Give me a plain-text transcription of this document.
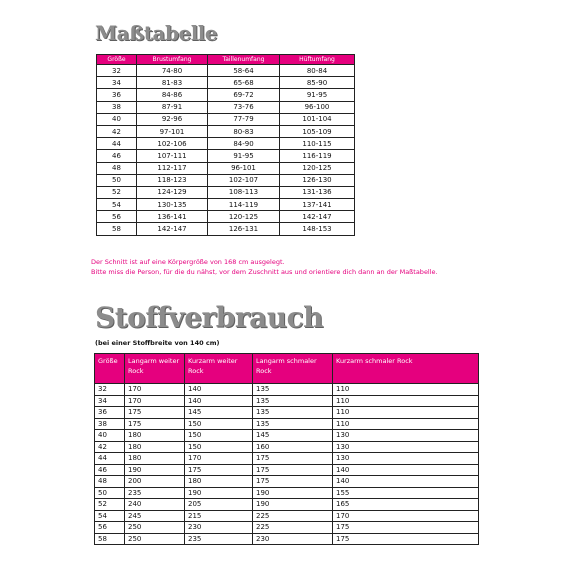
Maßtabelle
Größe	Brustumfang	Taillenumfang	Hüftumfang
32	74-80	58-64	80-84
34	81-83	65-68	85-90
36	84-86	69-72	91-95
38	87-91	73-76	96-100
40	92-96	77-79	101-104
42	97-101	80-83	105-109
44	102-106	84-90	110-115
46	107-111	91-95	116-119
48	112-117	96-101	120-125
50	118-123	102-107	126-130
52	124-129	108-113	131-136
54	130-135	114-119	137-141
56	136-141	120-125	142-147
58	142-147	126-131	148-153
Der Schnitt ist auf eine Körpergröße von 168 cm ausgelegt.
Bitte miss die Person, für die du nähst, vor dem Zuschnitt aus und orientiere dich dann an der Maßtabelle.
Stoffverbrauch
(bei einer Stoffbreite von 140 cm)
Größe	Langarm weiter Rock	Kurzarm weiter Rock	Langarm schmaler Rock	Kurzarm schmaler Rock
32	170	140	135	110
34	170	140	135	110
36	175	145	135	110
38	175	150	135	110
40	180	150	145	130
42	180	150	160	130
44	180	170	175	130
46	190	175	175	140
48	200	180	175	140
50	235	190	190	155
52	240	205	190	165
54	245	215	225	170
56	250	230	225	175
58	250	235	230	175
